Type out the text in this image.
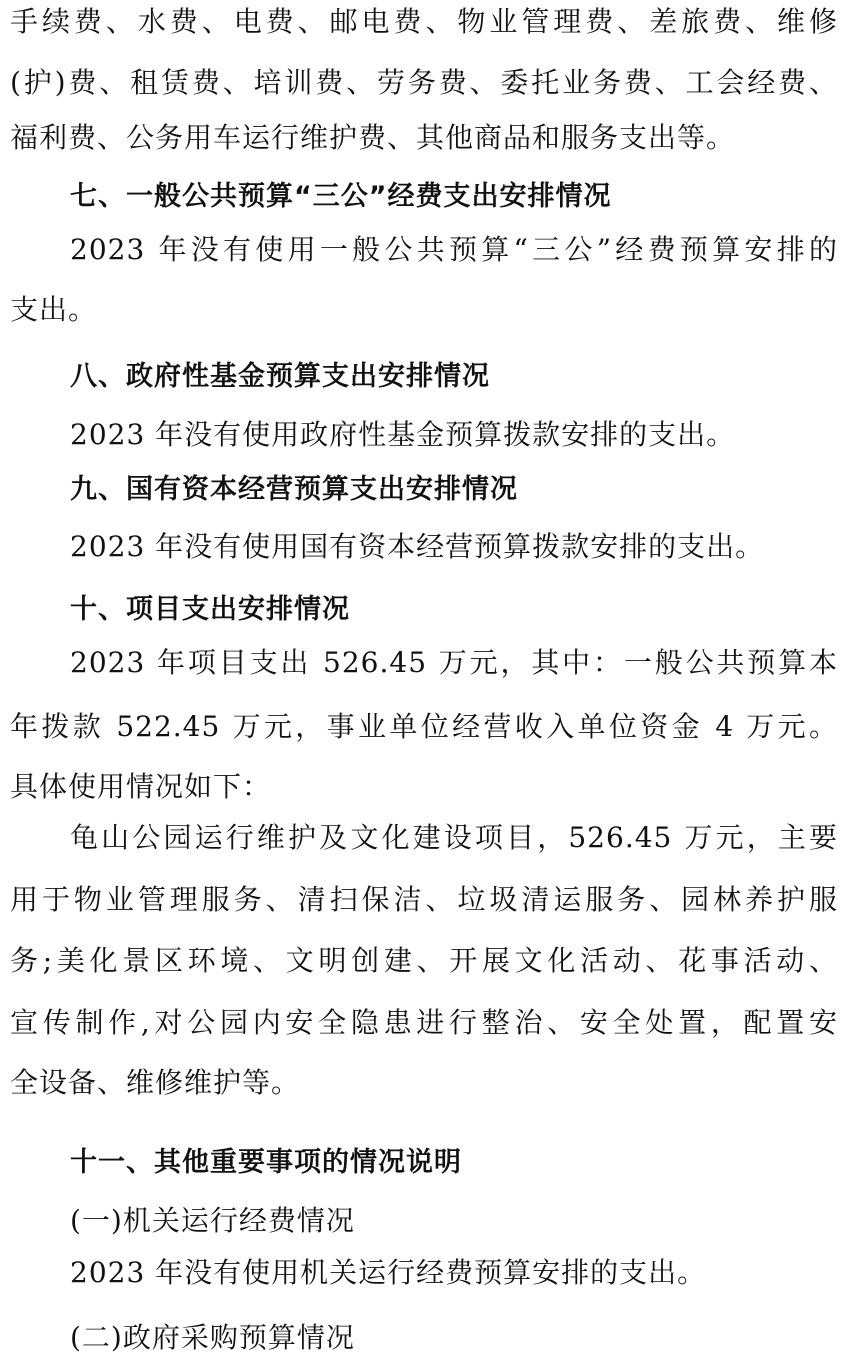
手续费、水费、电费、邮电费、物业管理费、差旅费、维修

(护)费、租赁费、培训费、劳务费、委托业务费、工会经费、

福利费、公务用车运行维护费、其他商品和服务支出等。

七、一般公共预算“三公”经费支出安排情况

2023 年没有使用一般公共预算“三公”经费预算安排的

支出。

八、政府性基金预算支出安排情况

2023 年没有使用政府性基金预算拨款安排的支出。

九、国有资本经营预算支出安排情况

2023 年没有使用国有资本经营预算拨款安排的支出。

十、项目支出安排情况

2023 年项目支出 526.45 万元，其中：一般公共预算本

年拨款 522.45 万元，事业单位经营收入单位资金 4 万元。

具体使用情况如下：

龟山公园运行维护及文化建设项目，526.45 万元，主要

用于物业管理服务、清扫保洁、垃圾清运服务、园林养护服

务;美化景区环境、文明创建、开展文化活动、花事活动、

宣传制作,对公园内安全隐患进行整治、安全处置，配置安

全设备、维修维护等。

十一、其他重要事项的情况说明

(一)机关运行经费情况

2023 年没有使用机关运行经费预算安排的支出。

(二)政府采购预算情况
